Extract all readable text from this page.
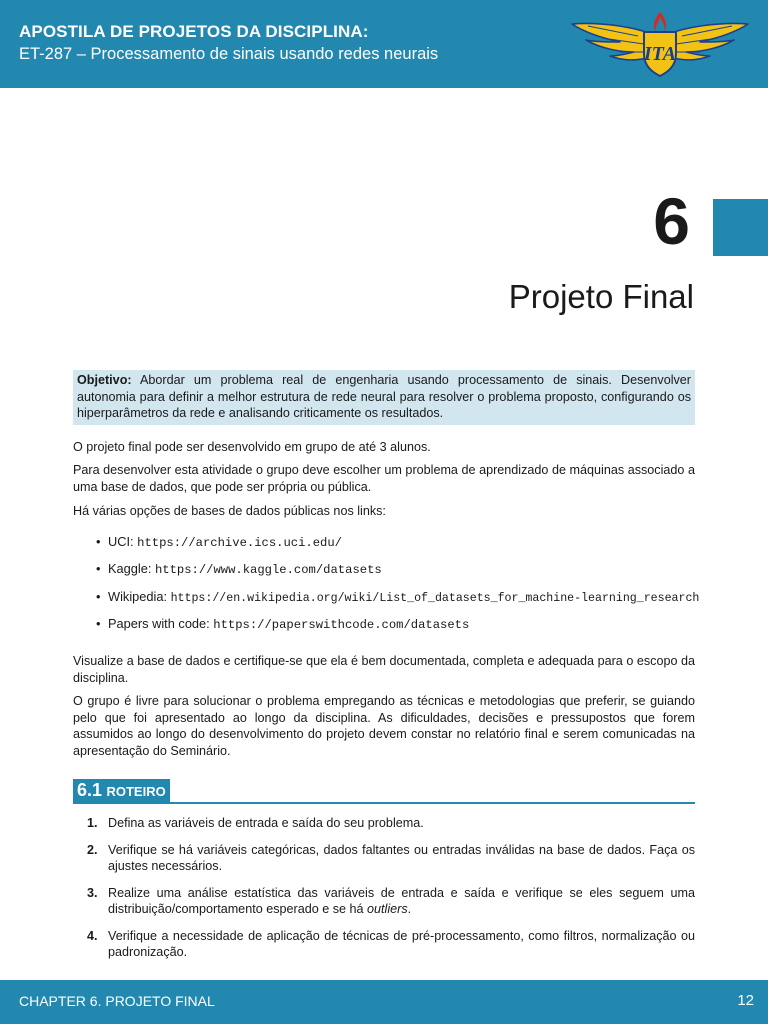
APOSTILA DE PROJETOS DA DISCIPLINA:
ET-287 – Processamento de sinais usando redes neurais	ITA
6
Projeto Final
Objetivo: Abordar um problema real de engenharia usando processamento de sinais. Desenvolver autonomia para definir a melhor estrutura de rede neural para resolver o problema proposto, configurando os hiperparâmetros da rede e analisando criticamente os resultados.
O projeto final pode ser desenvolvido em grupo de até 3 alunos.
Para desenvolver esta atividade o grupo deve escolher um problema de aprendizado de máquinas associado a uma base de dados, que pode ser própria ou pública.
Há várias opções de bases de dados públicas nos links:
• UCI: https://archive.ics.uci.edu/
• Kaggle: https://www.kaggle.com/datasets
• Wikipedia: https://en.wikipedia.org/wiki/List_of_datasets_for_machine-learning_research
• Papers with code: https://paperswithcode.com/datasets
Visualize a base de dados e certifique-se que ela é bem documentada, completa e adequada para o escopo da disciplina.
O grupo é livre para solucionar o problema empregando as técnicas e metodologias que preferir, se guiando pelo que foi apresentado ao longo da disciplina. As dificuldades, decisões e pressupostos que forem assumidos ao longo do desenvolvimento do projeto devem constar no relatório final e serem comunicadas na apresentação do Seminário.
6.1 ROTEIRO
1. Defina as variáveis de entrada e saída do seu problema.
2. Verifique se há variáveis categóricas, dados faltantes ou entradas inválidas na base de dados. Faça os ajustes necessários.
3. Realize uma análise estatística das variáveis de entrada e saída e verifique se eles seguem uma distribuição/comportamento esperado e se há outliers.
4. Verifique a necessidade de aplicação de técnicas de pré-processamento, como filtros, normalização ou padronização.
CHAPTER 6. PROJETO FINAL	12
